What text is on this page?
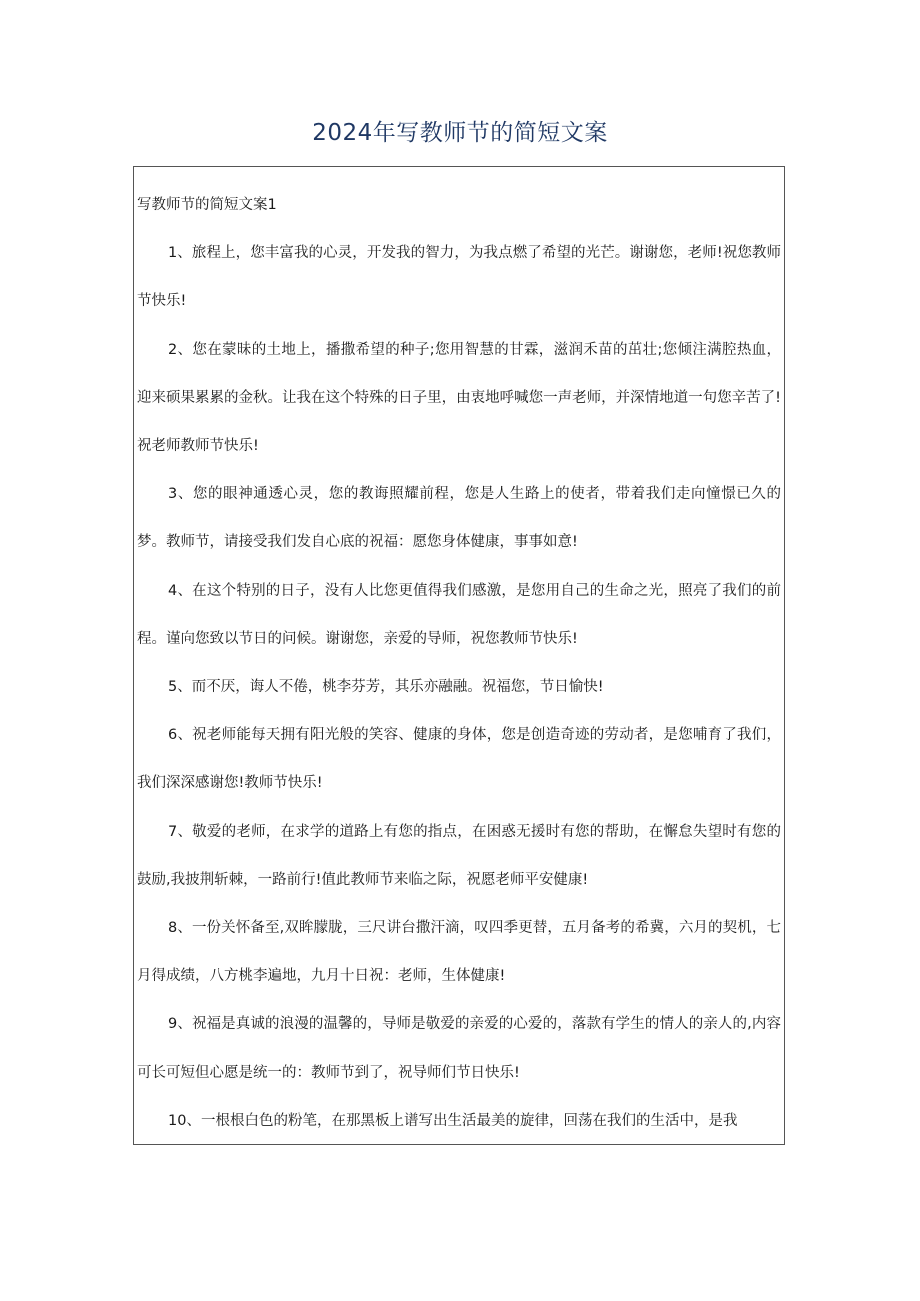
2024年写教师节的简短文案

写教师节的简短文案1

1、旅程上，您丰富我的心灵，开发我的智力，为我点燃了希望的光芒。谢谢您，老师!祝您教师节快乐!

2、您在蒙昧的土地上，播撒希望的种子;您用智慧的甘霖，滋润禾苗的茁壮;您倾注满腔热血，迎来硕果累累的金秋。让我在这个特殊的日子里，由衷地呼喊您一声老师，并深情地道一句您辛苦了!祝老师教师节快乐!

3、您的眼神通透心灵，您的教诲照耀前程，您是人生路上的使者，带着我们走向憧憬已久的梦。教师节，请接受我们发自心底的祝福：愿您身体健康，事事如意!

4、在这个特别的日子，没有人比您更值得我们感激，是您用自己的生命之光，照亮了我们的前程。谨向您致以节日的问候。谢谢您，亲爱的导师，祝您教师节快乐!

5、而不厌，诲人不倦，桃李芬芳，其乐亦融融。祝福您，节日愉快!

6、祝老师能每天拥有阳光般的笑容、健康的身体，您是创造奇迹的劳动者，是您哺育了我们，我们深深感谢您!教师节快乐!

7、敬爱的老师，在求学的道路上有您的指点，在困惑无援时有您的帮助，在懈怠失望时有您的鼓励,我披荆斩棘，一路前行!值此教师节来临之际，祝愿老师平安健康!

8、一份关怀备至,双眸朦胧，三尺讲台撒汗滴，叹四季更替，五月备考的希冀，六月的契机，七月得成绩，八方桃李遍地，九月十日祝：老师，生体健康!

9、祝福是真诚的浪漫的温馨的，导师是敬爱的亲爱的心爱的，落款有学生的情人的亲人的,内容可长可短但心愿是统一的：教师节到了，祝导师们节日快乐!

10、一根根白色的粉笔，在那黑板上谱写出生活最美的旋律，回荡在我们的生活中，是我
